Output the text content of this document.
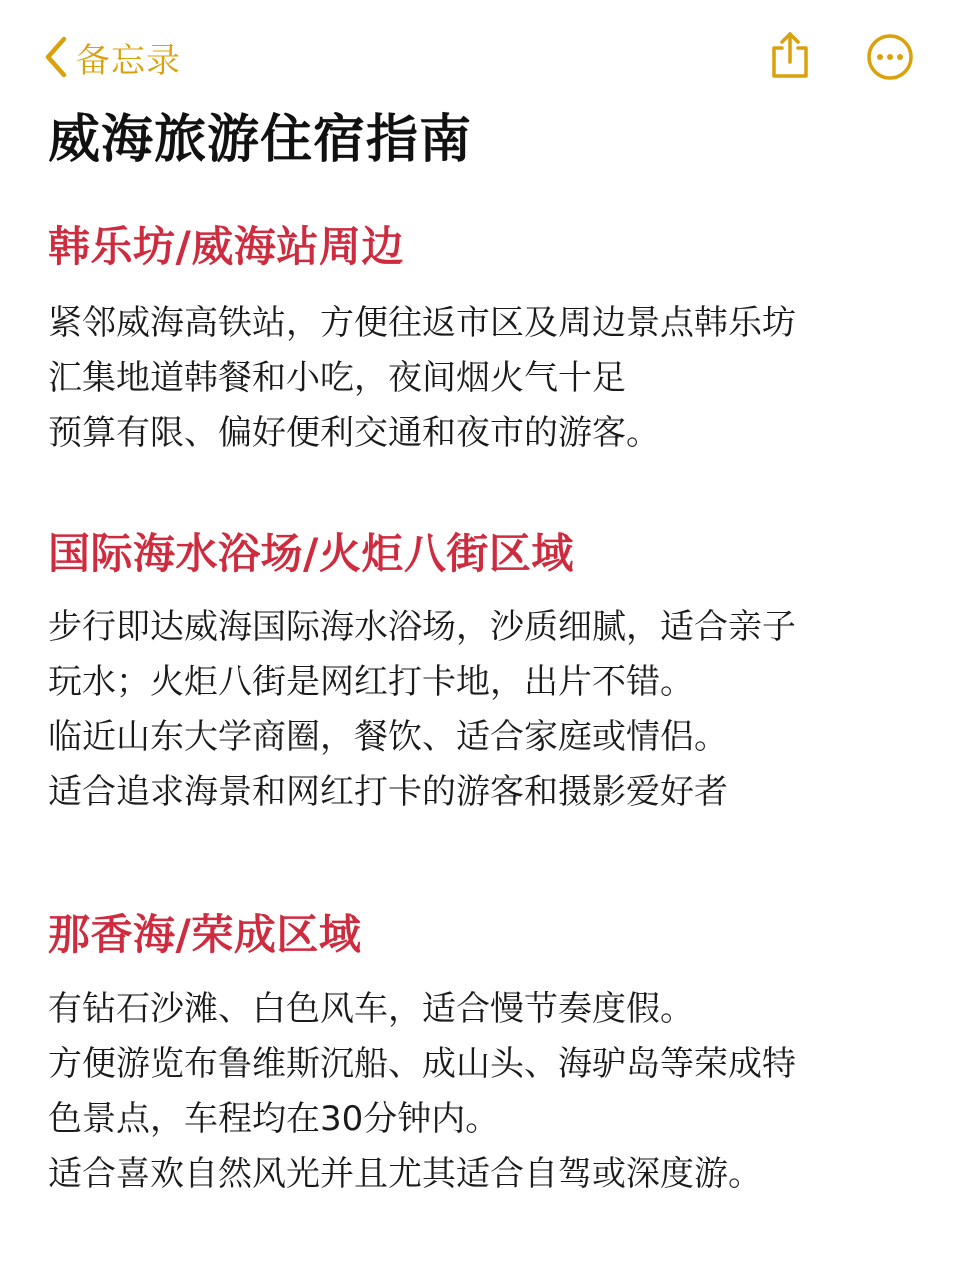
备忘录
威海旅游住宿指南
韩乐坊/威海站周边
紧邻威海高铁站，方便往返市区及周边景点韩乐坊
汇集地道韩餐和小吃，夜间烟火气十足
预算有限、偏好便利交通和夜市的游客。
国际海水浴场/火炬八街区域
步行即达威海国际海水浴场，沙质细腻，适合亲子
玩水；火炬八街是网红打卡地，出片不错。
临近山东大学商圈，餐饮、适合家庭或情侣。
适合追求海景和网红打卡的游客和摄影爱好者
那香海/荣成区域
有钻石沙滩、白色风车，适合慢节奏度假。
方便游览布鲁维斯沉船、成山头、海驴岛等荣成特
色景点，车程均在30分钟内。
适合喜欢自然风光并且尤其适合自驾或深度游。
